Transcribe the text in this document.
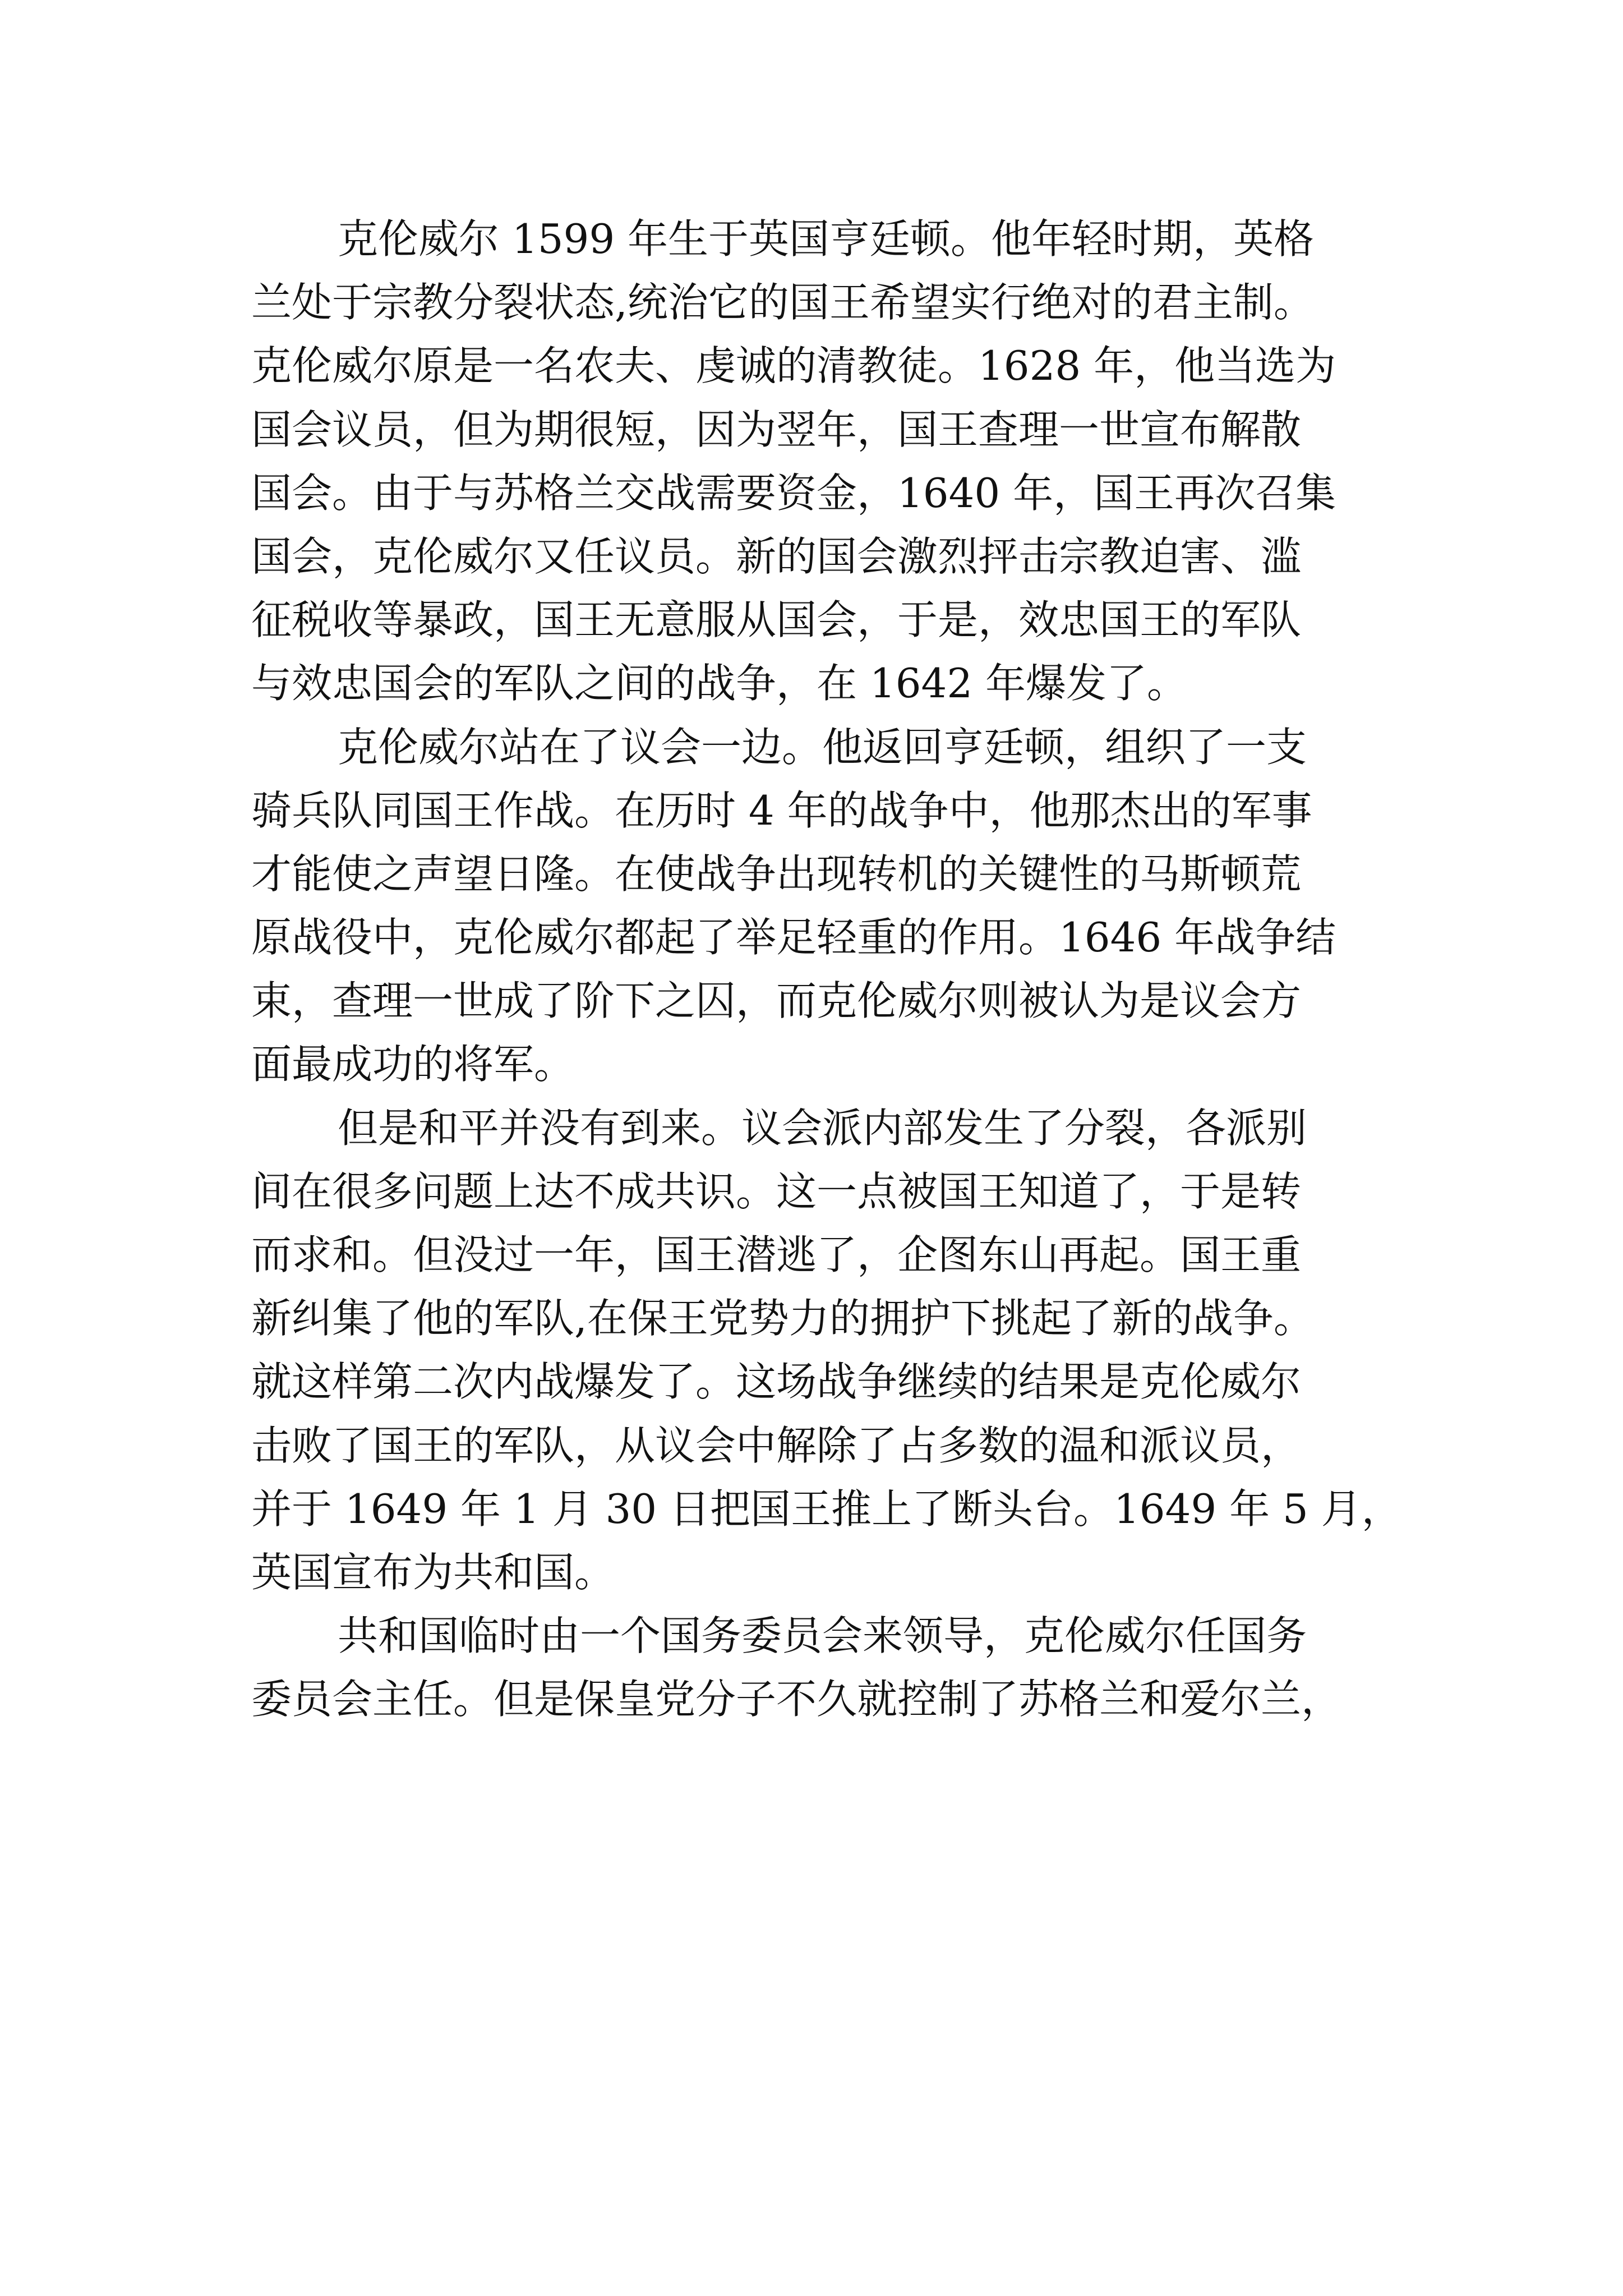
克伦威尔 1599 年生于英国亨廷顿。他年轻时期，英格
兰处于宗教分裂状态,统治它的国王希望实行绝对的君主制。
克伦威尔原是一名农夫、虔诚的清教徒。1628 年，他当选为
国会议员，但为期很短，因为翌年，国王查理一世宣布解散
国会。由于与苏格兰交战需要资金，1640 年，国王再次召集
国会，克伦威尔又任议员。新的国会激烈抨击宗教迫害、滥
征税收等暴政，国王无意服从国会，于是，效忠国王的军队
与效忠国会的军队之间的战争，在 1642 年爆发了。
克伦威尔站在了议会一边。他返回亨廷顿，组织了一支
骑兵队同国王作战。在历时 4 年的战争中，他那杰出的军事
才能使之声望日隆。在使战争出现转机的关键性的马斯顿荒
原战役中，克伦威尔都起了举足轻重的作用。1646 年战争结
束，查理一世成了阶下之囚，而克伦威尔则被认为是议会方
面最成功的将军。
但是和平并没有到来。议会派内部发生了分裂，各派别
间在很多问题上达不成共识。这一点被国王知道了，于是转
而求和。但没过一年，国王潜逃了，企图东山再起。国王重
新纠集了他的军队,在保王党势力的拥护下挑起了新的战争。
就这样第二次内战爆发了。这场战争继续的结果是克伦威尔
击败了国王的军队，从议会中解除了占多数的温和派议员，
并于 1649 年 1 月 30 日把国王推上了断头台。1649 年 5 月，
英国宣布为共和国。
共和国临时由一个国务委员会来领导，克伦威尔任国务
委员会主任。但是保皇党分子不久就控制了苏格兰和爱尔兰，
